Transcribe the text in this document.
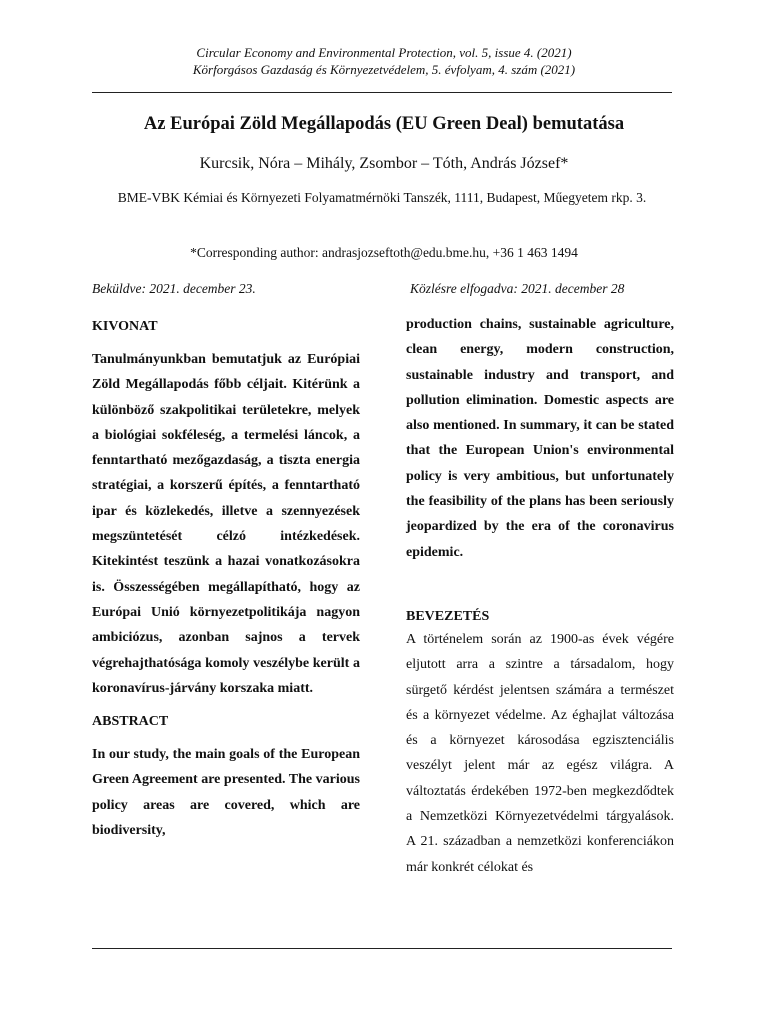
Circular Economy and Environmental Protection, vol. 5, issue 4. (2021)
Körforgásos Gazdaság és Környezetvédelem, 5. évfolyam, 4. szám (2021)
Az Európai Zöld Megállapodás (EU Green Deal) bemutatása
Kurcsik, Nóra – Mihály, Zsombor – Tóth, András József*
BME-VBK Kémiai és Környezeti Folyamatmérnöki Tanszék, 1111, Budapest, Műegyetem rkp. 3.
*Corresponding author: andrasjozseftoth@edu.bme.hu, +36 1 463 1494
Beküldve: 2021. december 23.	Közlésre elfogadva: 2021. december 28
KIVONAT

Tanulmányunkban bemutatjuk az Európiai Zöld Megállapodás főbb céljait. Kitérünk a különböző szakpolitikai területekre, melyek a biológiai sokféleség, a termelési láncok, a fenntartható mezőgazdaság, a tiszta energia stratégiai, a korszerű építés, a fenntartható ipar és közlekedés, illetve a szennyezések megszüntetését célzó intézkedések. Kitekintést teszünk a hazai vonatkozásokra is. Összességében megállapítható, hogy az Európai Unió környezetpolitikája nagyon ambiciózus, azonban sajnos a tervek végrehajthatósága komoly veszélybe került a koronavírus-járvány korszaka miatt.

ABSTRACT

In our study, the main goals of the European Green Agreement are presented. The various policy areas are covered, which are biodiversity,

production chains, sustainable agriculture, clean energy, modern construction, sustainable industry and transport, and pollution elimination. Domestic aspects are also mentioned. In summary, it can be stated that the European Union's environmental policy is very ambitious, but unfortunately the feasibility of the plans has been seriously jeopardized by the era of the coronavirus epidemic.

BEVEZETÉS

A történelem során az 1900-as évek végére eljutott arra a szintre a társadalom, hogy sürgető kérdést jelentsen számára a természet és a környezet védelme. Az éghajlat változása és a környezet károsodása egzisztenciális veszélyt jelent már az egész világra. A változtatás érdekében 1972-ben megkezdődtek a Nemzetközi Környezetvédelmi tárgyalások. A 21. században a nemzetközi konferenciákon már konkrét célokat és
